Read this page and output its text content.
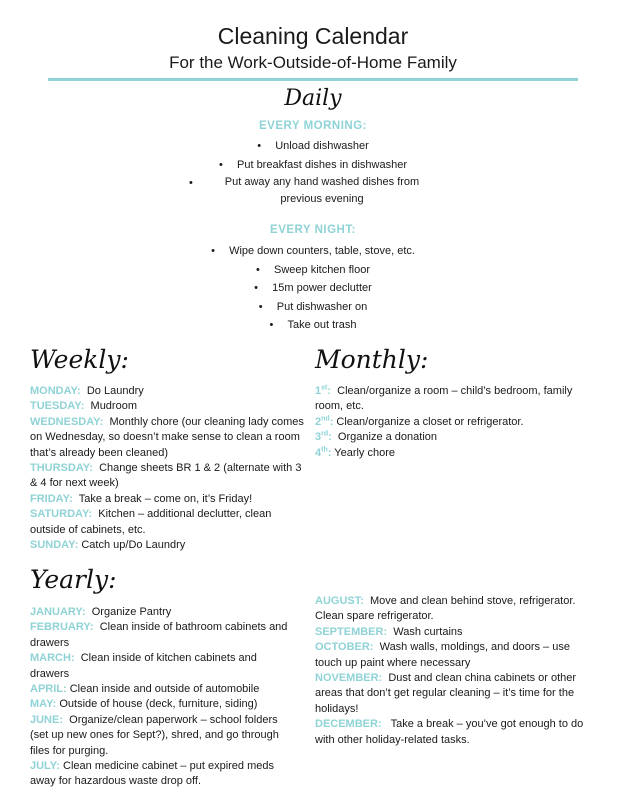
Cleaning Calendar
For the Work-Outside-of-Home Family
Daily
EVERY MORNING:
• Unload dishwasher
• Put breakfast dishes in dishwasher
•	Put away any hand washed dishes from previous evening
EVERY NIGHT:
• Wipe down counters, table, stove, etc.
• Sweep kitchen floor
• 15m power declutter
• Put dishwasher on
• Take out trash
Weekly:

MONDAY: Do Laundry

TUESDAY: Mudroom

WEDNESDAY: Monthly chore (our cleaning lady comes on Wednesday, so doesn’t make sense to clean a room that’s already been cleaned)

THURSDAY: Change sheets BR 1 & 2 (alternate with 3 & 4 for next week)

FRIDAY: Take a break – come on, it’s Friday!

SATURDAY: Kitchen – additional declutter, clean outside of cabinets, etc.

SUNDAY: Catch up/Do Laundry

Monthly:

1st: Clean/organize a room – child’s bedroom, family room, etc.

2nd: Clean/organize a closet or refrigerator.

3rd: Organize a donation

4th: Yearly chore

Yearly:

JANUARY: Organize Pantry

FEBRUARY: Clean inside of bathroom cabinets and drawers

MARCH: Clean inside of kitchen cabinets and drawers

APRIL: Clean inside and outside of automobile

MAY: Outside of house (deck, furniture, siding)

JUNE: Organize/clean paperwork – school folders (set up new ones for Sept?), shred, and go through files for purging.

JULY: Clean medicine cabinet – put expired meds away for hazardous waste drop off.

AUGUST: Move and clean behind stove, refrigerator. Clean spare refrigerator.

SEPTEMBER: Wash curtains

OCTOBER: Wash walls, moldings, and doors – use touch up paint where necessary

NOVEMBER: Dust and clean china cabinets or other areas that don’t get regular cleaning – it’s time for the holidays!

DECEMBER: Take a break – you’ve got enough to do with other holiday-related tasks.
